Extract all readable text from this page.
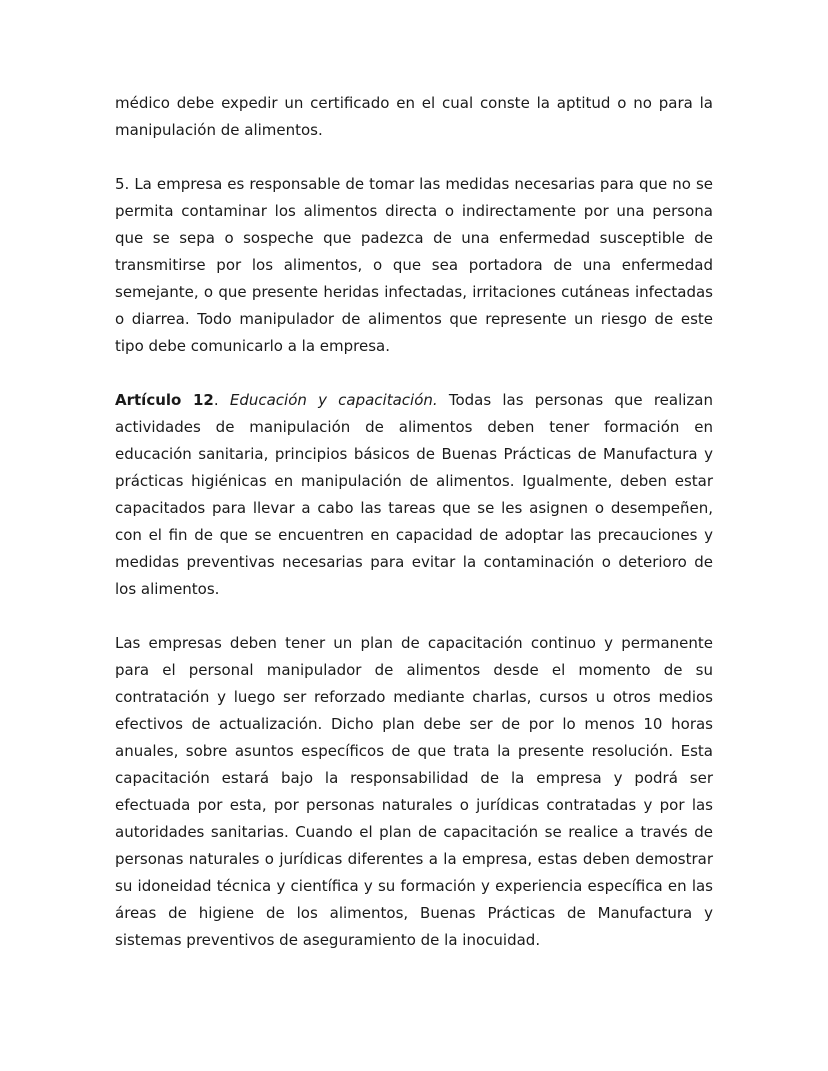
médico debe expedir un certificado en el cual conste la aptitud o no para la manipulación de alimentos.

5. La empresa es responsable de tomar las medidas necesarias para que no se permita contaminar los alimentos directa o indirectamente por una persona que se sepa o sospeche que padezca de una enfermedad susceptible de transmitirse por los alimentos, o que sea portadora de una enfermedad semejante, o que presente heridas infectadas, irritaciones cutáneas infectadas o diarrea. Todo manipulador de alimentos que represente un riesgo de este tipo debe comunicarlo a la empresa.

Artículo 12. Educación y capacitación. Todas las personas que realizan actividades de manipulación de alimentos deben tener formación en educación sanitaria, principios básicos de Buenas Prácticas de Manufactura y prácticas higiénicas en manipulación de alimentos. Igualmente, deben estar capacitados para llevar a cabo las tareas que se les asignen o desempeñen, con el fin de que se encuentren en capacidad de adoptar las precauciones y medidas preventivas necesarias para evitar la contaminación o deterioro de los alimentos.

Las empresas deben tener un plan de capacitación continuo y permanente para el personal manipulador de alimentos desde el momento de su contratación y luego ser reforzado mediante charlas, cursos u otros medios efectivos de actualización. Dicho plan debe ser de por lo menos 10 horas anuales, sobre asuntos específicos de que trata la presente resolución. Esta capacitación estará bajo la responsabilidad de la empresa y podrá ser efectuada por esta, por personas naturales o jurídicas contratadas y por las autoridades sanitarias. Cuando el plan de capacitación se realice a través de personas naturales o jurídicas diferentes a la empresa, estas deben demostrar su idoneidad técnica y científica y su formación y experiencia específica en las áreas de higiene de los alimentos, Buenas Prácticas de Manufactura y sistemas preventivos de aseguramiento de la inocuidad.
